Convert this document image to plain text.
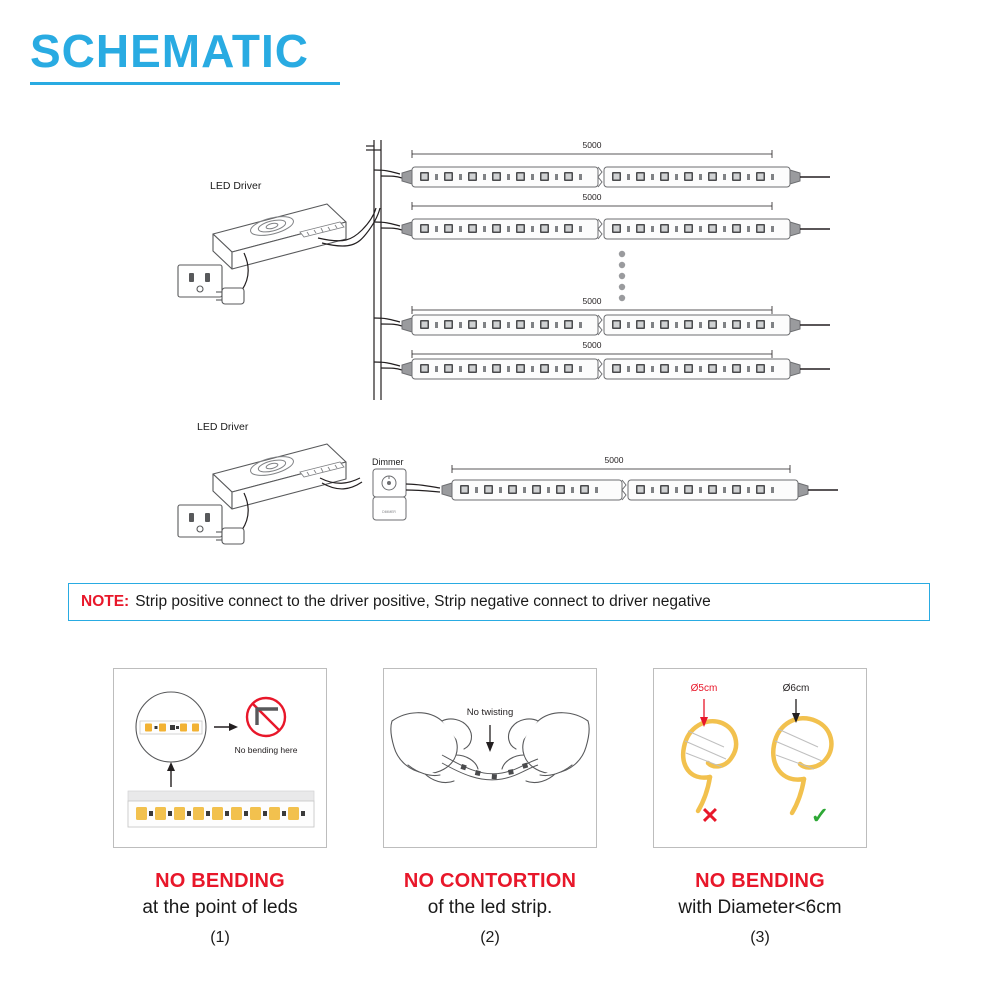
SCHEMATIC
LED Driver
5000
5000
5000
5000
LED Driver
Dimmer
DIMMER
5000
NOTE: Strip positive connect to the driver positive, Strip negative connect to driver negative
No bending here
NO BENDING
at the point of leds
(1)
No twisting
NO CONTORTION
of the led strip.
(2)
Ø5cm	Ø6cm
✕	✓
NO BENDING
with Diameter<6cm
(3)
